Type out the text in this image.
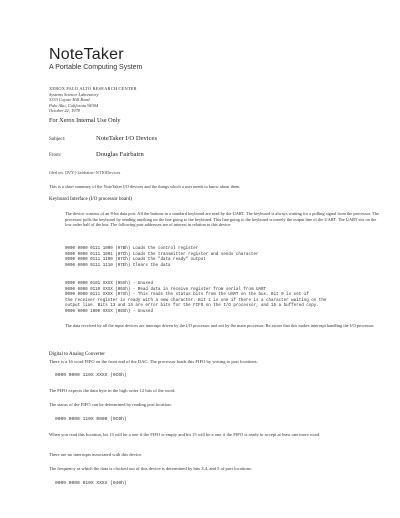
NoteTaker
A Portable Computing System
XEROX PALO ALTO RESEARCH CENTER
Systems Science Laboratory
3333 Coyote Hill Road
Palo Alto, California 94304
October 22, 1978
For Xerox Internal Use Only
Subject:	NoteTaker I/O Devices
From:	Douglas Fairbairn
filed on: [IVY]<fairbairn>NTIODevices
This is a short summary of the NoteTaker I/O devices and the things which a user needs to know about them.
Keyboard Interface (I/O processor board)
The device consists of an 8-bit data port. All the buttons in a standard keyboard are read by the UART. The keyboard is always waiting for a polling signal from the processor. The processor polls the keyboard by sending anything on the line going to the keyboard. This line going to the keyboard is merely the output line of the UART. The UART sits on the low order half of the bus. The following port addresses are of interest in relation to this device:
0000 0000 0111 1000 (07Bh) Loads the control register
0000 0000 0111 1001 (07Ch) Loads the transmitter register and sends character
0000 0000 0111 1100 (07Ch) Loads the "data ready" output
0000 0000 0111 1110 (07Eh) Clears the data
0000 0000 0101 XXXX (05Xh) - Unused
0000 0000 0110 XXXX (06Xh) - Read data in receive register from serial from UART
0000 0000 0111 XXXX (07Xh) - This reads the status bits from the UART on the bus. Bit 0 is set if
the receiver register is ready with a new character. Bit 1 is one if there is a character waiting on the
output line. Bits 13 and 14 are error bits for the FIFO on the I/O processor, and 15 a buffered copy.
0000 0000 1000 XXXX (08Xh) - Unused
The data received by all the input devices are interrupt driven by the I/O processor and not by the main processor. Be aware that this makes interrupt handling the I/O processor.
Digital to Analog Converter
There is a 16 word FIFO on the front end of the DAC. The processor loads this FIFO by writing to port locations:
0000 0000 110X XXXX (0C0h)
The FIFO expects the data byte in the high order 12 bits of the word.
The status of the FIFO can be determined by reading port location:
0000 0000 110X 0000 (0C0h)
When you read this location, bit 13 will be a one if the FIFO is empty and bit 15 will be a one if the FIFO is ready to accept at least one more word.
There are no interrupts associated with this device.
The frequency at which the data is clocked out of this device is determined by bits 3,4, and 5 of port locations:
0000 0000 010X XXXX (040h)
